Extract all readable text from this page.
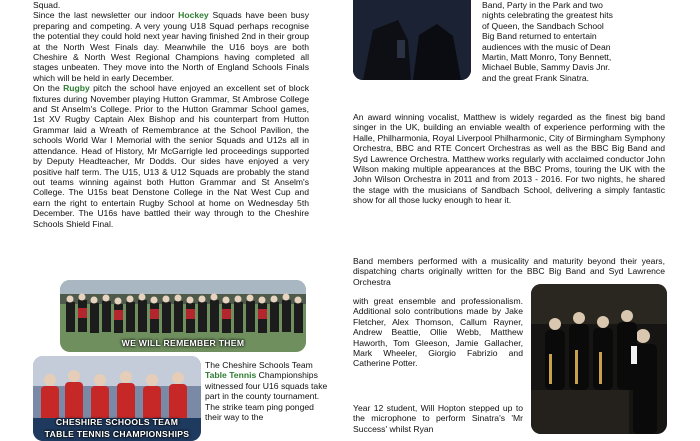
Squad.

Since the last newsletter our indoor Hockey Squads have been busy preparing and competing. A very young U18 Squad perhaps recognise the potential they could hold next year having finished 2nd in their group at the North West Finals day. Meanwhile the U16 boys are both Cheshire & North West Regional Champions having completed all stages unbeaten. They move into the North of England Schools Finals which will be held in early December.

On the Rugby pitch the school have enjoyed an excellent set of block fixtures during November playing Hutton Grammar, St Ambrose College and St Anselm's College. Prior to the Hutton Grammar School games, 1st XV Rugby Captain Alex Bishop and his counterpart from Hutton Grammar laid a Wreath of Remembrance at the School Pavilion, the schools World War I Memorial with the senior Squads and U12s all in attendance. Head of History, Mr McGarrigle led proceedings supported by Deputy Headteacher, Mr Dodds. Our sides have enjoyed a very positive half term. The U15, U13 & U12 Squads are probably the stand out teams winning against both Hutton Grammar and St Anselm's College. The U15s beat Denstone College in the Nat West Cup and earn the right to entertain Rugby School at home on Wednesday 5th December. The U16s have battled their way through to the Cheshire Schools Shield Final.

WE WILL REMEMBER THEM
CHESHIRE SCHOOLS TEAM
TABLE TENNIS CHAMPIONSHIPS

The Cheshire Schools Team Table Tennis Championships witnessed four U16 squads take part in the county tournament. The strike team ping ponged their way to the

Band, Party in the Park and two
nights celebrating the greatest hits
of Queen, the Sandbach School
Big Band returned to entertain
audiences with the music of Dean
Martin, Matt Monro, Tony Bennett,
Michael Buble, Sammy Davis Jnr.
and the great Frank Sinatra.
An award winning vocalist, Matthew is widely regarded as the finest big band singer in the UK, building an enviable wealth of experience performing with the Halle, Philharmonia, Royal Liverpool Philharmonic, City of Birmingham Symphony Orchestra, BBC and RTE Concert Orchestras as well as the BBC Big Band and Syd Lawrence Orchestra. Matthew works regularly with acclaimed conductor John Wilson making multiple appearances at the BBC Proms, touring the UK with the John Wilson Orchestra in 2011 and from 2013 - 2016. For two nights, he shared the stage with the musicians of Sandbach School, delivering a simply fantastic show for all those lucky enough to hear it.
Band members performed with a musicality and maturity beyond their years, dispatching charts originally written for the BBC Big Band and Syd Lawrence Orchestra
with great ensemble and professionalism. Additional solo contributions made by Jake Fletcher, Alex Thomson, Callum Rayner, Andrew Beattie, Ollie Webb, Matthew Haworth, Tom Gleeson, Jamie Gallacher, Mark Wheeler, Giorgio Fabrizio and Catherine Potter.
Year 12 student, Will Hopton stepped up to the microphone to perform Sinatra's 'Mr Success' whilst Ryan
